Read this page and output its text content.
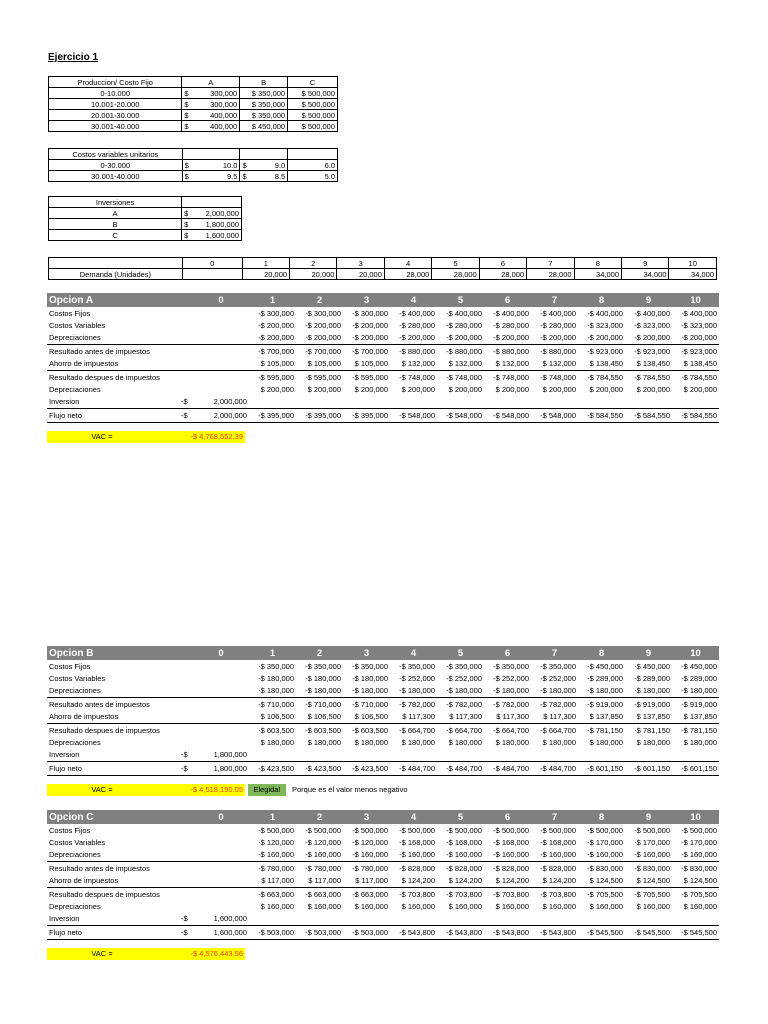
Ejercicio 1
Produccion/ Costo Fijo	A		B	C
0-10.000	$	300,000	$ 350,000	$ 500,000
10.001-20.000	$	300,000	$ 350,000	$ 500,000
20.001-30.000	$	400,000	$ 350,000	$ 500,000
30.001-40.000	$	400,000	$ 450,000	$ 500,000
Costos variables unitarios					
0-30.000	$	10.0	$	9.0	6.0
30.001-40.000	$	9.5	$	8.5	5.0
Inversiones		
A	$	2,000,000
B	$	1,800,000
C	$	1,600,000
	0	1	2	3	4	5	6	7	8	9	10
Demanda (Unidades)		20,000	20,000	20,000	28,000	28,000	28,000	28,000	34,000	34,000	34,000
Opcion A		0	1	2	3	4	5	6	7	8	9	10
Costos Fijos			-$ 300,000	-$ 300,000	-$ 300,000	-$ 400,000	-$ 400,000	-$ 400,000	-$ 400,000	-$ 400,000	-$ 400,000	-$ 400,000
Costos Variables			-$ 200,000	-$ 200,000	-$ 200,000	-$ 280,000	-$ 280,000	-$ 280,000	-$ 280,000	-$ 323,000	-$ 323,000	-$ 323,000
Depreciaciones			-$ 200,000	-$ 200,000	-$ 200,000	-$ 200,000	-$ 200,000	-$ 200,000	-$ 200,000	-$ 200,000	-$ 200,000	-$ 200,000
Resultado antes de impuestos			-$ 700,000	-$ 700,000	-$ 700,000	-$ 880,000	-$ 880,000	-$ 880,000	-$ 880,000	-$ 923,000	-$ 923,000	-$ 923,000
Ahorro de impuestos			$ 105,000	$ 105,000	$ 105,000	$ 132,000	$ 132,000	$ 132,000	$ 132,000	$ 138,450	$ 138,450	$ 138,450
Resultado despues de impuestos			-$ 595,000	-$ 595,000	-$ 595,000	-$ 748,000	-$ 748,000	-$ 748,000	-$ 748,000	-$ 784,550	-$ 784,550	-$ 784,550
Depreciaciones			$ 200,000	$ 200,000	$ 200,000	$ 200,000	$ 200,000	$ 200,000	$ 200,000	$ 200,000	$ 200,000	$ 200,000
Inversion	-$	2,000,000										
Flujo neto	-$	2,000,000	-$ 395,000	-$ 395,000	-$ 395,000	-$ 548,000	-$ 548,000	-$ 548,000	-$ 548,000	-$ 584,550	-$ 584,550	-$ 584,550
Opcion B		0	1	2	3	4	5	6	7	8	9	10
Costos Fijos			-$ 350,000	-$ 350,000	-$ 350,000	-$ 350,000	-$ 350,000	-$ 350,000	-$ 350,000	-$ 450,000	-$ 450,000	-$ 450,000
Costos Variables			-$ 180,000	-$ 180,000	-$ 180,000	-$ 252,000	-$ 252,000	-$ 252,000	-$ 252,000	-$ 289,000	-$ 289,000	-$ 289,000
Depreciaciones			-$ 180,000	-$ 180,000	-$ 180,000	-$ 180,000	-$ 180,000	-$ 180,000	-$ 180,000	-$ 180,000	-$ 180,000	-$ 180,000
Resultado antes de impuestos			-$ 710,000	-$ 710,000	-$ 710,000	-$ 782,000	-$ 782,000	-$ 782,000	-$ 782,000	-$ 919,000	-$ 919,000	-$ 919,000
Ahorro de impuestos			$ 106,500	$ 106,500	$ 106,500	$ 117,300	$ 117,300	$ 117,300	$ 117,300	$ 137,850	$ 137,850	$ 137,850
Resultado despues de impuestos			-$ 603,500	-$ 603,500	-$ 603,500	-$ 664,700	-$ 664,700	-$ 664,700	-$ 664,700	-$ 781,150	-$ 781,150	-$ 781,150
Depreciaciones			$ 180,000	$ 180,000	$ 180,000	$ 180,000	$ 180,000	$ 180,000	$ 180,000	$ 180,000	$ 180,000	$ 180,000
Inversion	-$	1,800,000										
Flujo neto	-$	1,800,000	-$ 423,500	-$ 423,500	-$ 423,500	-$ 484,700	-$ 484,700	-$ 484,700	-$ 484,700	-$ 601,150	-$ 601,150	-$ 601,150
Opcion C		0	1	2	3	4	5	6	7	8	9	10
Costos Fijos			-$ 500,000	-$ 500,000	-$ 500,000	-$ 500,000	-$ 500,000	-$ 500,000	-$ 500,000	-$ 500,000	-$ 500,000	-$ 500,000
Costos Variables			-$ 120,000	-$ 120,000	-$ 120,000	-$ 168,000	-$ 168,000	-$ 168,000	-$ 168,000	-$ 170,000	-$ 170,000	-$ 170,000
Depreciaciones			-$ 160,000	-$ 160,000	-$ 160,000	-$ 160,000	-$ 160,000	-$ 160,000	-$ 160,000	-$ 160,000	-$ 160,000	-$ 160,000
Resultado antes de impuestos			-$ 780,000	-$ 780,000	-$ 780,000	-$ 828,000	-$ 828,000	-$ 828,000	-$ 828,000	-$ 830,000	-$ 830,000	-$ 830,000
Ahorro de impuestos			$ 117,000	$ 117,000	$ 117,000	$ 124,200	$ 124,200	$ 124,200	$ 124,200	$ 124,500	$ 124,500	$ 124,500
Resultado despues de impuestos			-$ 663,000	-$ 663,000	-$ 663,000	-$ 703,800	-$ 703,800	-$ 703,800	-$ 703,800	-$ 705,500	-$ 705,500	-$ 705,500
Depreciaciones			$ 160,000	$ 160,000	$ 160,000	$ 160,000	$ 160,000	$ 160,000	$ 160,000	$ 160,000	$ 160,000	$ 160,000
Inversion	-$	1,600,000										
Flujo neto	-$	1,600,000	-$ 503,000	-$ 503,000	-$ 503,000	-$ 543,800	-$ 543,800	-$ 543,800	-$ 543,800	-$ 545,500	-$ 545,500	-$ 545,500
VAC =	-$ 4,768,552.39
VAC =	-$ 4,518,190.05	Elegida!	Porque es el valor menos negativo
VAC =	-$ 4,576,443.56
